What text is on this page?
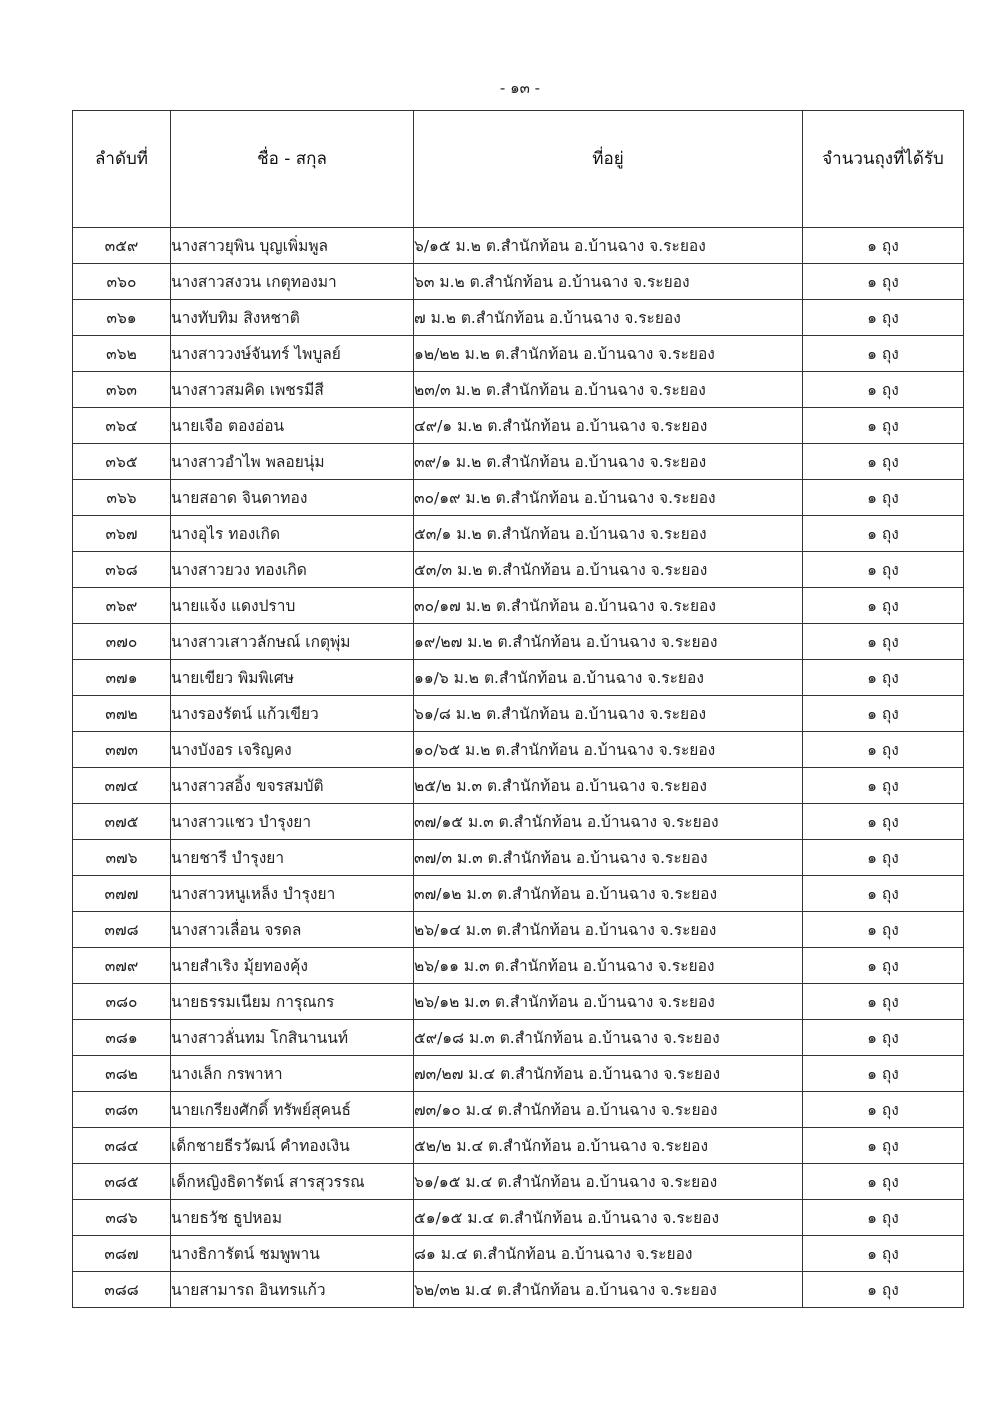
- ๑๓ -
ลำดับที่	ชื่อ - สกุล	ที่อยู่	จำนวนถุงที่ได้รับ
๓๕๙	นางสาวยุพิน บุญเพิ่มพูล	๖/๑๕ ม.๒ ต.สำนักท้อน อ.บ้านฉาง จ.ระยอง	๑ ถุง
๓๖๐	นางสาวสงวน เกตุทองมา	๖๓ ม.๒ ต.สำนักท้อน อ.บ้านฉาง จ.ระยอง	๑ ถุง
๓๖๑	นางทับทิม สิงหชาติ	๗ ม.๒ ต.สำนักท้อน อ.บ้านฉาง จ.ระยอง	๑ ถุง
๓๖๒	นางสาววงษ์จันทร์ ไพบูลย์	๑๒/๒๒ ม.๒ ต.สำนักท้อน อ.บ้านฉาง จ.ระยอง	๑ ถุง
๓๖๓	นางสาวสมคิด เพชรมีสี	๒๓/๓ ม.๒ ต.สำนักท้อน อ.บ้านฉาง จ.ระยอง	๑ ถุง
๓๖๔	นายเจือ ตองอ่อน	๔๙/๑ ม.๒ ต.สำนักท้อน อ.บ้านฉาง จ.ระยอง	๑ ถุง
๓๖๕	นางสาวอำไพ พลอยนุ่ม	๓๙/๑ ม.๒ ต.สำนักท้อน อ.บ้านฉาง จ.ระยอง	๑ ถุง
๓๖๖	นายสอาด จินดาทอง	๓๐/๑๙ ม.๒ ต.สำนักท้อน อ.บ้านฉาง จ.ระยอง	๑ ถุง
๓๖๗	นางอุไร ทองเกิด	๕๓/๑ ม.๒ ต.สำนักท้อน อ.บ้านฉาง จ.ระยอง	๑ ถุง
๓๖๘	นางสาวยวง ทองเกิด	๕๓/๓ ม.๒ ต.สำนักท้อน อ.บ้านฉาง จ.ระยอง	๑ ถุง
๓๖๙	นายแจ้ง แดงปราบ	๓๐/๑๗ ม.๒ ต.สำนักท้อน อ.บ้านฉาง จ.ระยอง	๑ ถุง
๓๗๐	นางสาวเสาวลักษณ์ เกตุพุ่ม	๑๙/๒๗ ม.๒ ต.สำนักท้อน อ.บ้านฉาง จ.ระยอง	๑ ถุง
๓๗๑	นายเขียว พิมพิเศษ	๑๑/๖ ม.๒ ต.สำนักท้อน อ.บ้านฉาง จ.ระยอง	๑ ถุง
๓๗๒	นางรองรัตน์ แก้วเขียว	๖๑/๘ ม.๒ ต.สำนักท้อน อ.บ้านฉาง จ.ระยอง	๑ ถุง
๓๗๓	นางบังอร เจริญคง	๑๐/๖๕ ม.๒ ต.สำนักท้อน อ.บ้านฉาง จ.ระยอง	๑ ถุง
๓๗๔	นางสาวสอิ้ง ขจรสมบัติ	๒๕/๒ ม.๓ ต.สำนักท้อน อ.บ้านฉาง จ.ระยอง	๑ ถุง
๓๗๕	นางสาวแชว บำรุงยา	๓๗/๑๕ ม.๓ ต.สำนักท้อน อ.บ้านฉาง จ.ระยอง	๑ ถุง
๓๗๖	นายชารี บำรุงยา	๓๗/๓ ม.๓ ต.สำนักท้อน อ.บ้านฉาง จ.ระยอง	๑ ถุง
๓๗๗	นางสาวหนูเหล็ง บำรุงยา	๓๗/๑๒ ม.๓ ต.สำนักท้อน อ.บ้านฉาง จ.ระยอง	๑ ถุง
๓๗๘	นางสาวเลื่อน จรดล	๒๖/๑๔ ม.๓ ต.สำนักท้อน อ.บ้านฉาง จ.ระยอง	๑ ถุง
๓๗๙	นายสำเริง มุ้ยทองคุ้ง	๒๖/๑๑ ม.๓ ต.สำนักท้อน อ.บ้านฉาง จ.ระยอง	๑ ถุง
๓๘๐	นายธรรมเนียม การุณกร	๒๖/๑๒ ม.๓ ต.สำนักท้อน อ.บ้านฉาง จ.ระยอง	๑ ถุง
๓๘๑	นางสาวลั่นทม โกสินานนท์	๕๙/๑๘ ม.๓ ต.สำนักท้อน อ.บ้านฉาง จ.ระยอง	๑ ถุง
๓๘๒	นางเล็ก กรพาหา	๗๓/๒๗ ม.๔ ต.สำนักท้อน อ.บ้านฉาง จ.ระยอง	๑ ถุง
๓๘๓	นายเกรียงศักดิ์ ทรัพย์สุคนธ์	๗๓/๑๐ ม.๔ ต.สำนักท้อน อ.บ้านฉาง จ.ระยอง	๑ ถุง
๓๘๔	เด็กชายธีรวัฒน์ คำทองเงิน	๕๒/๒ ม.๔ ต.สำนักท้อน อ.บ้านฉาง จ.ระยอง	๑ ถุง
๓๘๕	เด็กหญิงธิดารัตน์ สารสุวรรณ	๖๑/๑๕ ม.๔ ต.สำนักท้อน อ.บ้านฉาง จ.ระยอง	๑ ถุง
๓๘๖	นายธวัช ธูปหอม	๕๑/๑๕ ม.๔ ต.สำนักท้อน อ.บ้านฉาง จ.ระยอง	๑ ถุง
๓๘๗	นางธิการัตน์ ชมพูพาน	๘๑ ม.๔ ต.สำนักท้อน อ.บ้านฉาง จ.ระยอง	๑ ถุง
๓๘๘	นายสามารถ อินทรแก้ว	๖๒/๓๒ ม.๔ ต.สำนักท้อน อ.บ้านฉาง จ.ระยอง	๑ ถุง
